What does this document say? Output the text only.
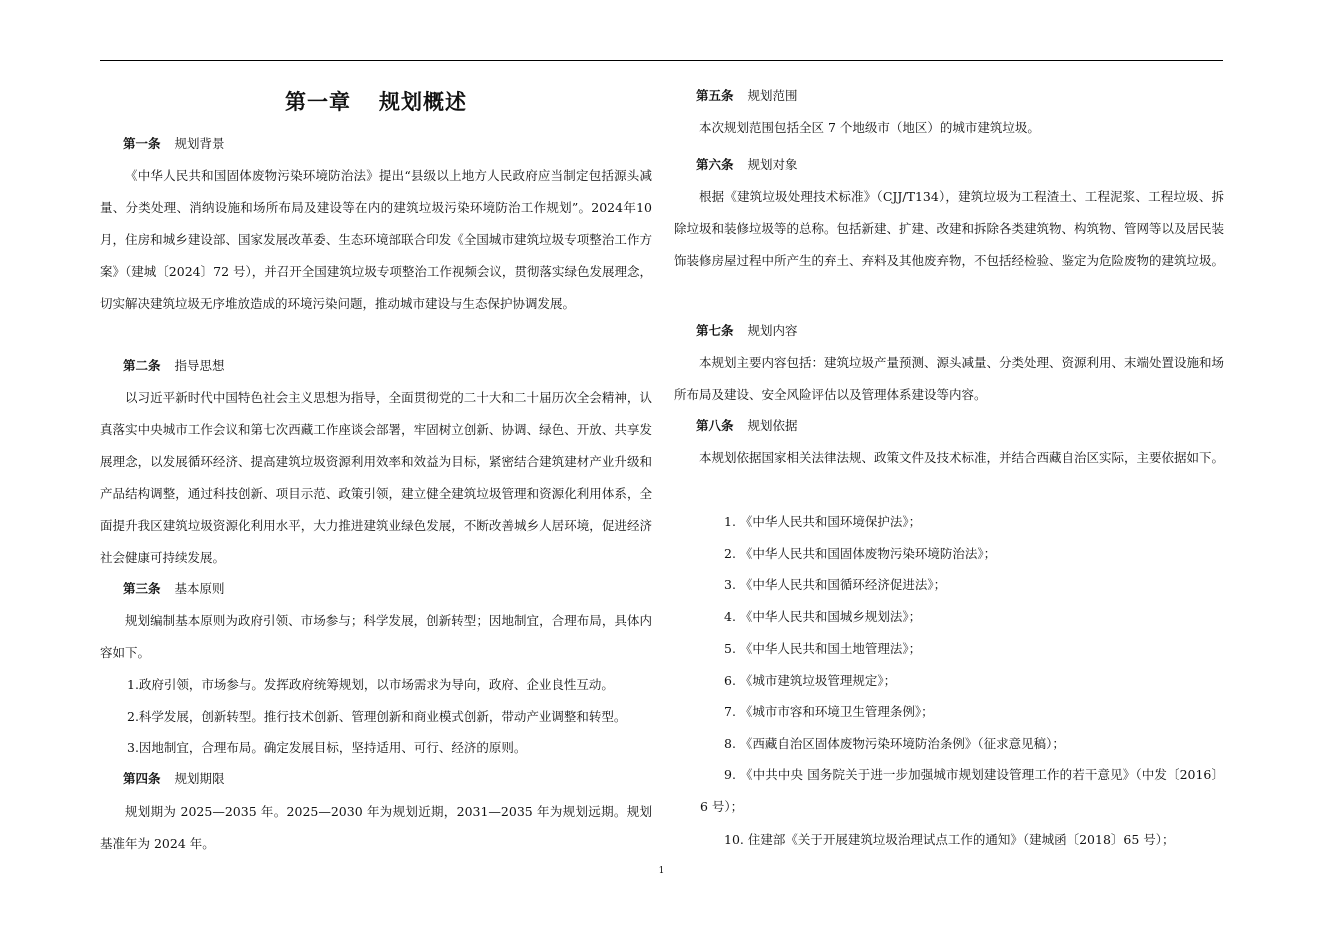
第一章 规划概述
第一条 规划背景
《中华人民共和国固体废物污染环境防治法》提出“县级以上地方人民政府应当制定包括源头减量、分类处理、消纳设施和场所布局及建设等在内的建筑垃圾污染环境防治工作规划”。2024年10月，住房和城乡建设部、国家发展改革委、生态环境部联合印发《全国城市建筑垃圾专项整治工作方案》（建城〔2024〕72 号），并召开全国建筑垃圾专项整治工作视频会议，贯彻落实绿色发展理念，切实解决建筑垃圾无序堆放造成的环境污染问题，推动城市建设与生态保护协调发展。
第二条 指导思想
以习近平新时代中国特色社会主义思想为指导，全面贯彻党的二十大和二十届历次全会精神，认真落实中央城市工作会议和第七次西藏工作座谈会部署，牢固树立创新、协调、绿色、开放、共享发展理念，以发展循环经济、提高建筑垃圾资源利用效率和效益为目标，紧密结合建筑建材产业升级和产品结构调整，通过科技创新、项目示范、政策引领，建立健全建筑垃圾管理和资源化利用体系，全面提升我区建筑垃圾资源化利用水平，大力推进建筑业绿色发展，不断改善城乡人居环境，促进经济社会健康可持续发展。
第三条 基本原则
规划编制基本原则为政府引领、市场参与；科学发展，创新转型；因地制宜，合理布局，具体内容如下。
1.政府引领，市场参与。发挥政府统筹规划，以市场需求为导向，政府、企业良性互动。
2.科学发展，创新转型。推行技术创新、管理创新和商业模式创新，带动产业调整和转型。
3.因地制宜，合理布局。确定发展目标，坚持适用、可行、经济的原则。
第四条 规划期限
规划期为 2025—2035 年。2025—2030 年为规划近期，2031—2035 年为规划远期。规划基准年为 2024 年。
第五条 规划范围
本次规划范围包括全区 7 个地级市（地区）的城市建筑垃圾。
第六条 规划对象
根据《建筑垃圾处理技术标准》（CJJ/T134），建筑垃圾为工程渣土、工程泥浆、工程垃圾、拆除垃圾和装修垃圾等的总称。包括新建、扩建、改建和拆除各类建筑物、构筑物、管网等以及居民装饰装修房屋过程中所产生的弃土、弃料及其他废弃物，不包括经检验、鉴定为危险废物的建筑垃圾。
第七条 规划内容
本规划主要内容包括：建筑垃圾产量预测、源头减量、分类处理、资源利用、末端处置设施和场所布局及建设、安全风险评估以及管理体系建设等内容。
第八条 规划依据
本规划依据国家相关法律法规、政策文件及技术标准，并结合西藏自治区实际，主要依据如下。
1. 《中华人民共和国环境保护法》；
2. 《中华人民共和国固体废物污染环境防治法》；
3. 《中华人民共和国循环经济促进法》；
4. 《中华人民共和国城乡规划法》；
5. 《中华人民共和国土地管理法》；
6. 《城市建筑垃圾管理规定》；
7. 《城市市容和环境卫生管理条例》；
8. 《西藏自治区固体废物污染环境防治条例》（征求意见稿）；
9. 《中共中央 国务院关于进一步加强城市规划建设管理工作的若干意见》（中发〔2016〕6 号）；
10. 住建部《关于开展建筑垃圾治理试点工作的通知》（建城函〔2018〕65 号）；
1
